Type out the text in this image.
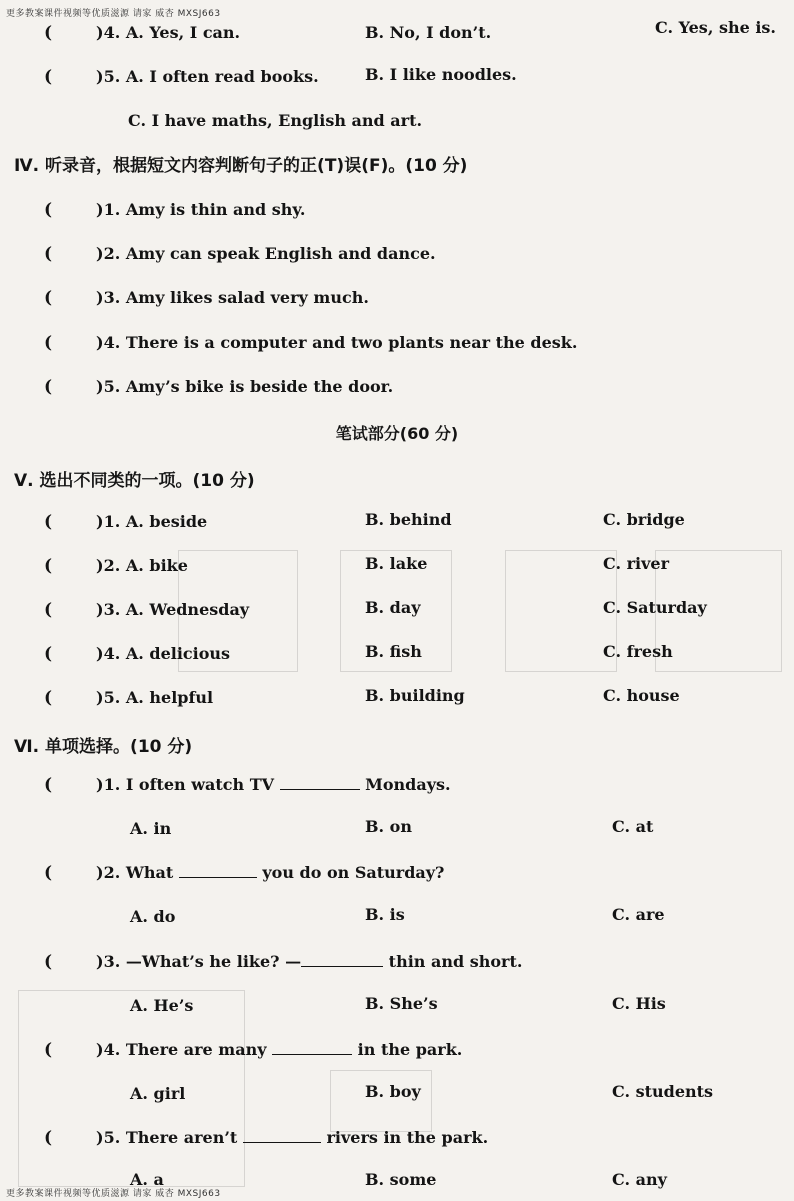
更多教案课件视频等优质滋源 请家 威杏 MXSJ663
(	)4. A. Yes, I can.	B. No, I don’t.	C. Yes, she is.
(	)5. A. I often read books.	B. I like noodles.
C. I have maths, English and art.
Ⅳ. 听录音，根据短文内容判断句子的正(T)误(F)。(10 分)
(	)1. Amy is thin and shy.
(	)2. Amy can speak English and dance.
(	)3. Amy likes salad very much.
(	)4. There is a computer and two plants near the desk.
(	)5. Amy’s bike is beside the door.
笔试部分(60 分)
Ⅴ. 选出不同类的一项。(10 分)
(	)1. A. beside	B. behind	C. bridge
(	)2. A. bike	B. lake	C. river
(	)3. A. Wednesday	B. day	C. Saturday
(	)4. A. delicious	B. fish	C. fresh
(	)5. A. helpful	B. building	C. house
Ⅵ. 单项选择。(10 分)
(	)1. I often watch TV	Mondays.
A. in	B. on	C. at
(	)2. What	you do on Saturday?
A. do	B. is	C. are
(	)3. —What’s he like? —	thin and short.
A. He’s	B. She’s	C. His
(	)4. There are many	in the park.
A. girl	B. boy	C. students
(	)5. There aren’t	rivers in the park.
A. a	B. some	C. any
更多教案课件视频等优质滋源 请家 威杏 MXSJ663
